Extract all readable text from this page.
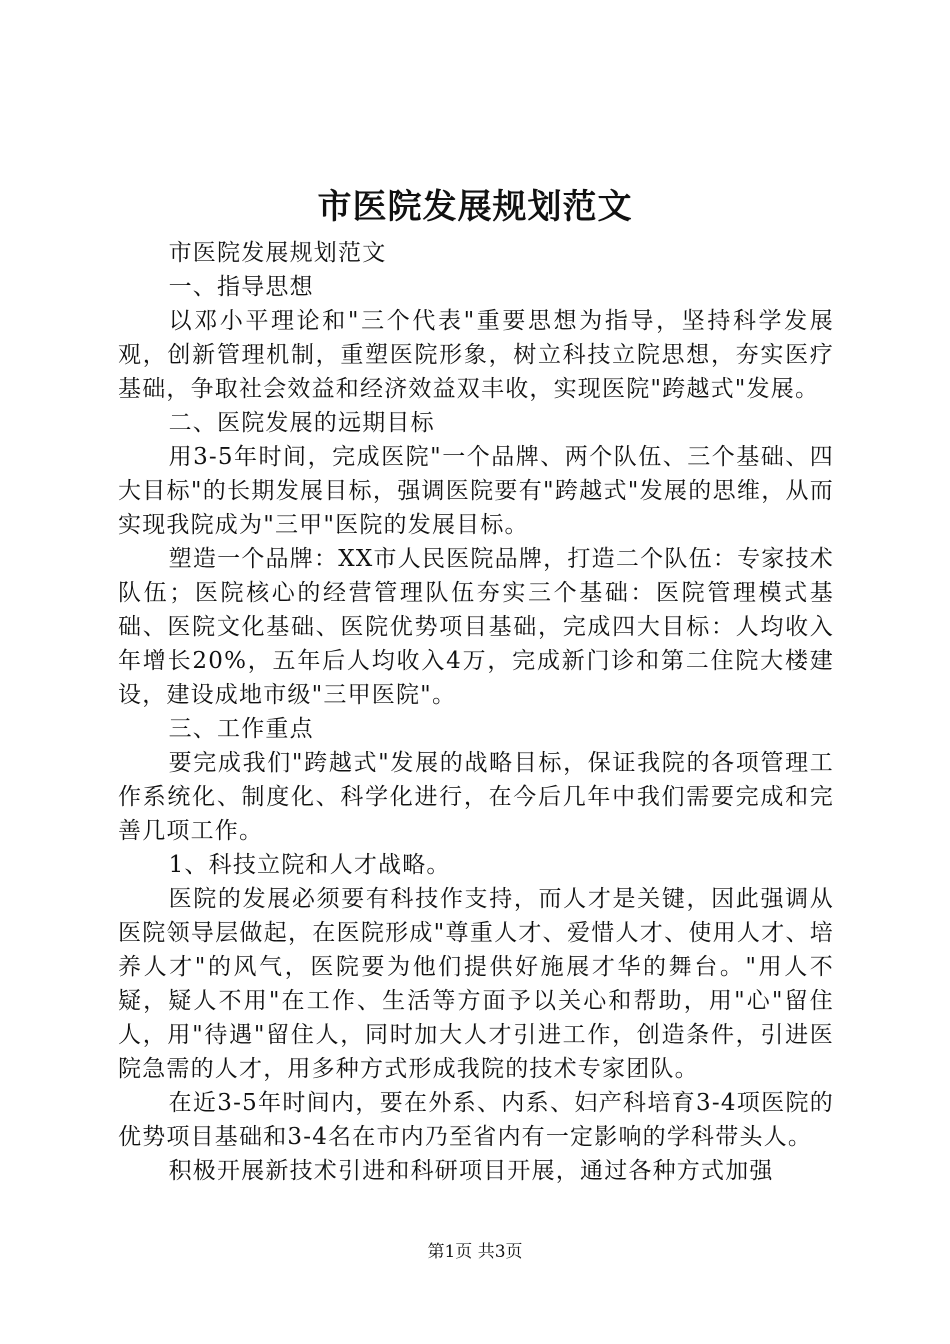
市医院发展规划范文

市医院发展规划范文

一、指导思想

以邓小平理论和"三个代表"重要思想为指导，坚持科学发展观，创新管理机制，重塑医院形象，树立科技立院思想，夯实医疗基础，争取社会效益和经济效益双丰收，实现医院"跨越式"发展。

二、医院发展的远期目标

用3-5年时间，完成医院"一个品牌、两个队伍、三个基础、四大目标"的长期发展目标，强调医院要有"跨越式"发展的思维，从而实现我院成为"三甲"医院的发展目标。

塑造一个品牌：XX市人民医院品牌，打造二个队伍：专家技术队伍；医院核心的经营管理队伍夯实三个基础：医院管理模式基础、医院文化基础、医院优势项目基础，完成四大目标：人均收入年增长20%，五年后人均收入4万，完成新门诊和第二住院大楼建设，建设成地市级"三甲医院"。

三、工作重点

要完成我们"跨越式"发展的战略目标，保证我院的各项管理工作系统化、制度化、科学化进行，在今后几年中我们需要完成和完善几项工作。

1、科技立院和人才战略。

医院的发展必须要有科技作支持，而人才是关键，因此强调从医院领导层做起，在医院形成"尊重人才、爱惜人才、使用人才、培养人才"的风气，医院要为他们提供好施展才华的舞台。"用人不疑，疑人不用"在工作、生活等方面予以关心和帮助，用"心"留住人，用"待遇"留住人，同时加大人才引进工作，创造条件，引进医院急需的人才，用多种方式形成我院的技术专家团队。

在近3-5年时间内，要在外系、内系、妇产科培育3-4项医院的优势项目基础和3-4名在市内乃至省内有一定影响的学科带头人。

积极开展新技术引进和科研项目开展，通过各种方式加强

第1页 共3页
